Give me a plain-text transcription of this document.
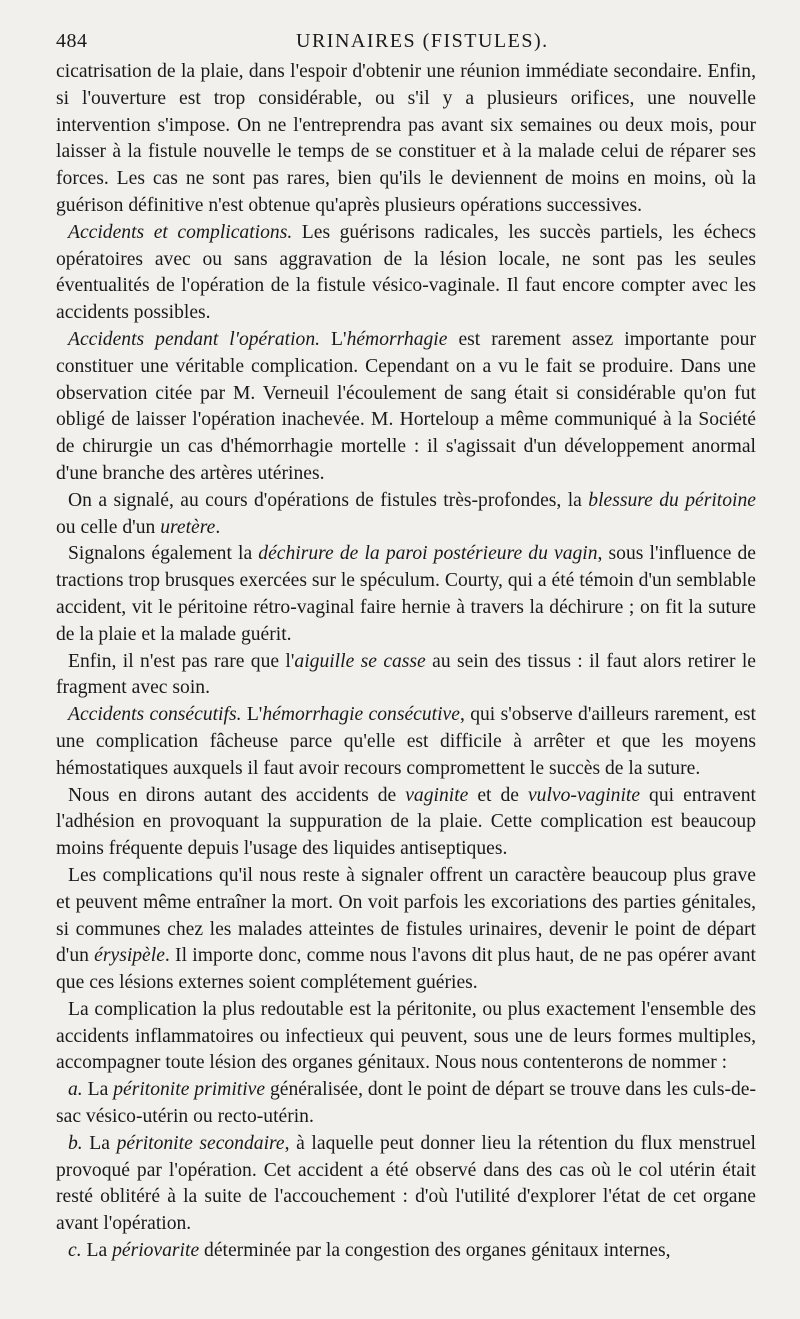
484	URINAIRES (FISTULES).

cicatrisation de la plaie, dans l'espoir d'obtenir une réunion immédiate secondaire. Enfin, si l'ouverture est trop considérable, ou s'il y a plusieurs orifices, une nouvelle intervention s'impose. On ne l'entreprendra pas avant six semaines ou deux mois, pour laisser à la fistule nouvelle le temps de se constituer et à la malade celui de réparer ses forces. Les cas ne sont pas rares, bien qu'ils le deviennent de moins en moins, où la guérison définitive n'est obtenue qu'après plusieurs opérations successives.

Accidents et complications. Les guérisons radicales, les succès partiels, les échecs opératoires avec ou sans aggravation de la lésion locale, ne sont pas les seules éventualités de l'opération de la fistule vésico-vaginale. Il faut encore compter avec les accidents possibles.

Accidents pendant l'opération. L'hémorrhagie est rarement assez importante pour constituer une véritable complication. Cependant on a vu le fait se produire. Dans une observation citée par M. Verneuil l'écoulement de sang était si considérable qu'on fut obligé de laisser l'opération inachevée. M. Horteloup a même communiqué à la Société de chirurgie un cas d'hémorrhagie mortelle : il s'agissait d'un développement anormal d'une branche des artères utérines.

On a signalé, au cours d'opérations de fistules très-profondes, la blessure du péritoine ou celle d'un uretère.

Signalons également la déchirure de la paroi postérieure du vagin, sous l'influence de tractions trop brusques exercées sur le spéculum. Courty, qui a été témoin d'un semblable accident, vit le péritoine rétro-vaginal faire hernie à travers la déchirure ; on fit la suture de la plaie et la malade guérit.

Enfin, il n'est pas rare que l'aiguille se casse au sein des tissus : il faut alors retirer le fragment avec soin.

Accidents consécutifs. L'hémorrhagie consécutive, qui s'observe d'ailleurs rarement, est une complication fâcheuse parce qu'elle est difficile à arrêter et que les moyens hémostatiques auxquels il faut avoir recours compromettent le succès de la suture.

Nous en dirons autant des accidents de vaginite et de vulvo-vaginite qui entravent l'adhésion en provoquant la suppuration de la plaie. Cette complication est beaucoup moins fréquente depuis l'usage des liquides antiseptiques.

Les complications qu'il nous reste à signaler offrent un caractère beaucoup plus grave et peuvent même entraîner la mort. On voit parfois les excoriations des parties génitales, si communes chez les malades atteintes de fistules urinaires, devenir le point de départ d'un érysipèle. Il importe donc, comme nous l'avons dit plus haut, de ne pas opérer avant que ces lésions externes soient complétement guéries.

La complication la plus redoutable est la péritonite, ou plus exactement l'ensemble des accidents inflammatoires ou infectieux qui peuvent, sous une de leurs formes multiples, accompagner toute lésion des organes génitaux. Nous nous contenterons de nommer :

a. La péritonite primitive généralisée, dont le point de départ se trouve dans les culs-de-sac vésico-utérin ou recto-utérin.

b. La péritonite secondaire, à laquelle peut donner lieu la rétention du flux menstruel provoqué par l'opération. Cet accident a été observé dans des cas où le col utérin était resté oblitéré à la suite de l'accouchement : d'où l'utilité d'explorer l'état de cet organe avant l'opération.

c. La périovarite déterminée par la congestion des organes génitaux internes,
